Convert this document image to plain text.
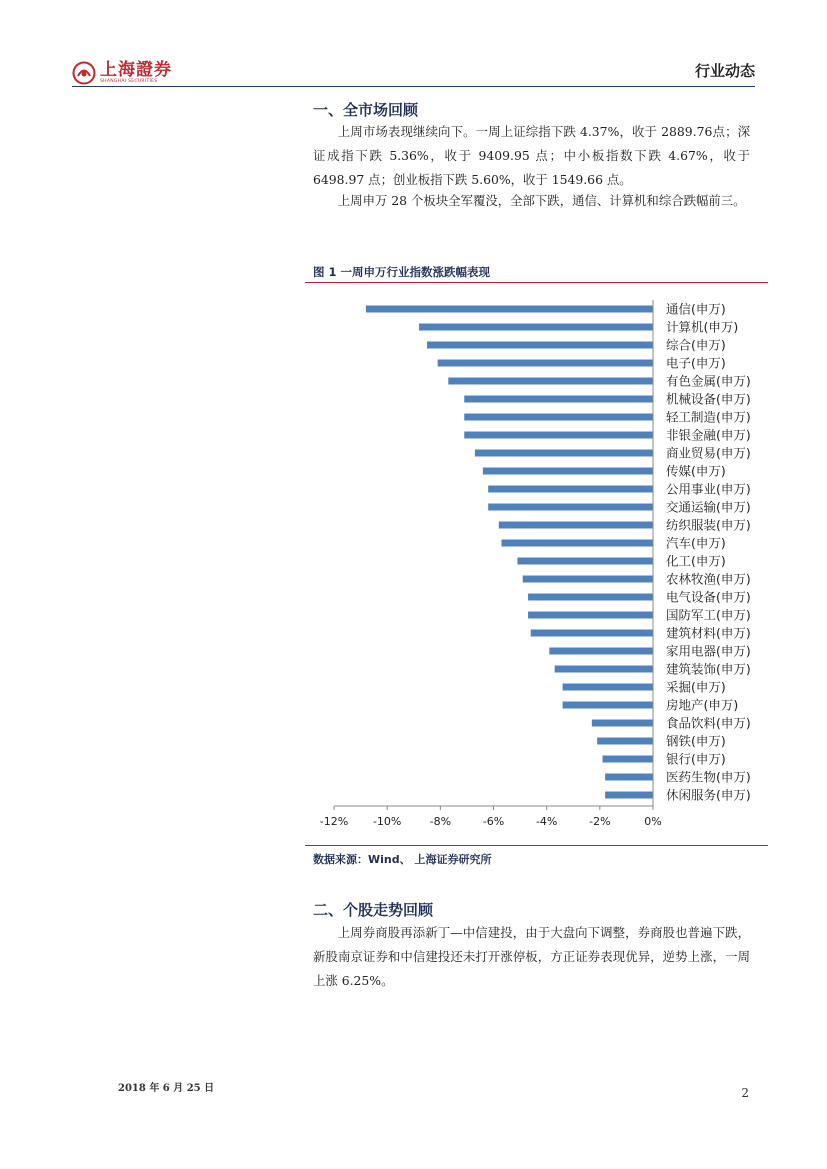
上海證券
SHANGHAI SECURITIES
行业动态
一、全市场回顾
上周市场表现继续向下。一周上证综指下跌 4.37%，收于 2889.76点；深证成指下跌 5.36%，收于 9409.95 点；中小板指数下跌 4.67%，收于 6498.97 点；创业板指下跌 5.60%，收于 1549.66 点。
上周申万 28 个板块全军覆没，全部下跌，通信、计算机和综合跌幅前三。
图 1 一周申万行业指数涨跌幅表现
通信(申万)
计算机(申万)
综合(申万)
电子(申万)
有色金属(申万)
机械设备(申万)
轻工制造(申万)
非银金融(申万)
商业贸易(申万)
传媒(申万)
公用事业(申万)
交通运输(申万)
纺织服装(申万)
汽车(申万)
化工(申万)
农林牧渔(申万)
电气设备(申万)
国防军工(申万)
建筑材料(申万)
家用电器(申万)
建筑装饰(申万)
采掘(申万)
房地产(申万)
食品饮料(申万)
钢铁(申万)
银行(申万)
医药生物(申万)
休闲服务(申万)
-12% -10%	-8%	-6%	-4%	-2%	0%
数据来源：Wind、 上海证券研究所
二、个股走势回顾
上周券商股再添新丁—中信建投，由于大盘向下调整，券商股也普遍下跌，新股南京证券和中信建投还未打开涨停板，方正证券表现优异，逆势上涨，一周上涨 6.25%。
2018 年 6 月 25 日	2
